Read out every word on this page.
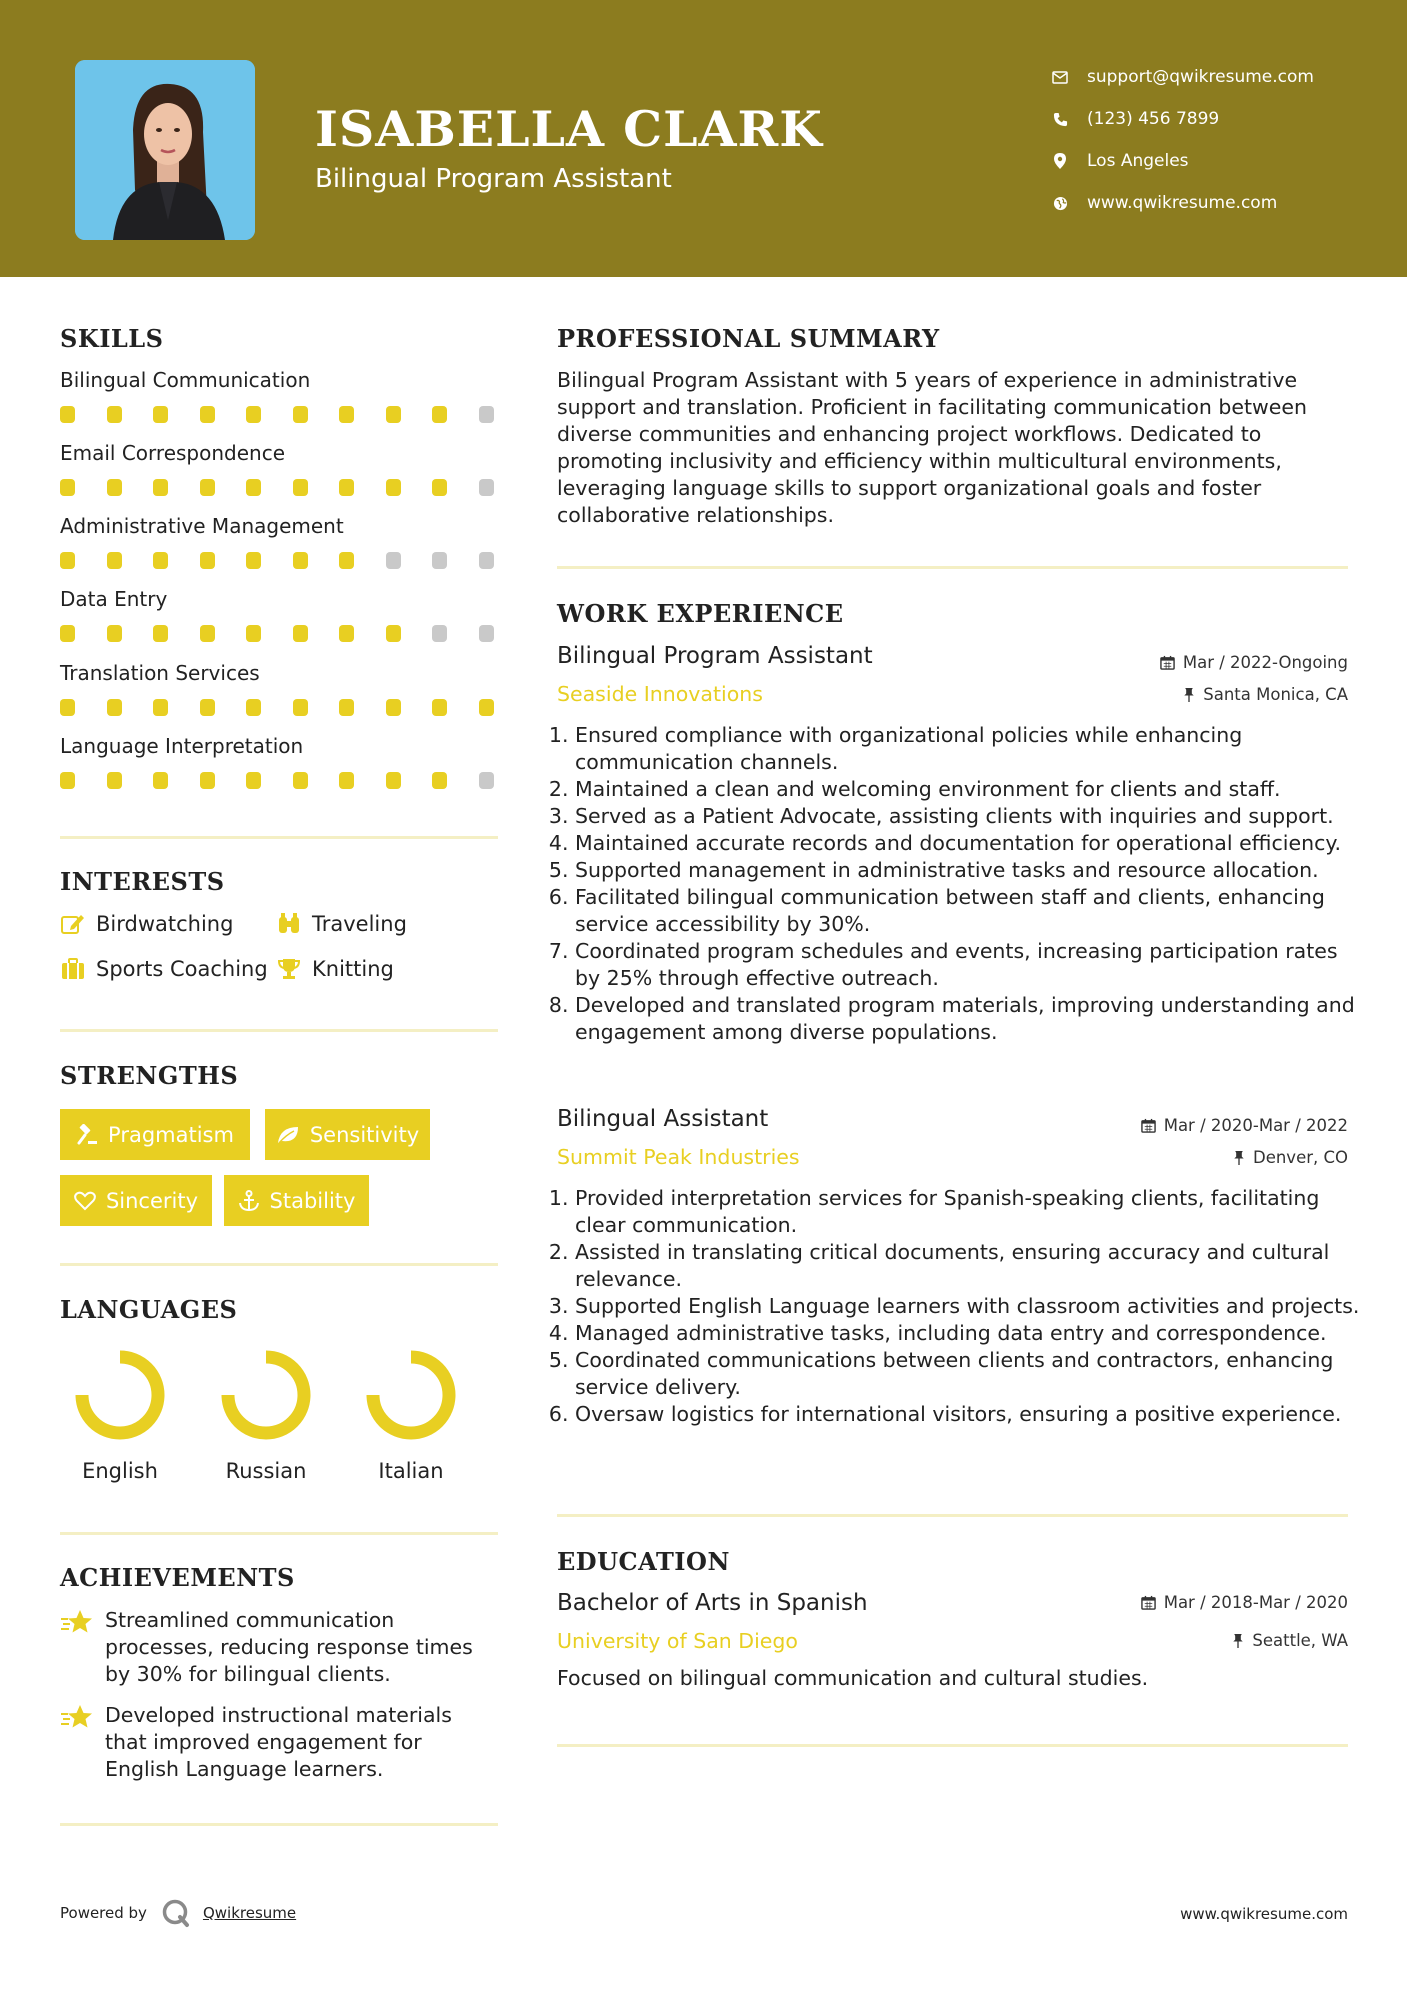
ISABELLA CLARK
Bilingual Program Assistant
support@qwikresume.com
(123) 456 7899
Los Angeles
www.qwikresume.com
SKILLS
Bilingual Communication
Email Correspondence
Administrative Management
Data Entry
Translation Services
Language Interpretation
INTERESTS
Birdwatching	Traveling
Sports Coaching Knitting
STRENGTHS
Pragmatism	Sensitivity
Sincerity	Stability
LANGUAGES
English	Russian	Italian
ACHIEVEMENTS
Streamlined communication processes, reducing response times by 30% for bilingual clients.
Developed instructional materials that improved engagement for English Language learners.
PROFESSIONAL SUMMARY
Bilingual Program Assistant with 5 years of experience in administrative support and translation. Proficient in facilitating communication between diverse communities and enhancing project workflows. Dedicated to promoting inclusivity and efficiency within multicultural environments, leveraging language skills to support organizational goals and foster collaborative relationships.
WORK EXPERIENCE
Bilingual Program Assistant	Mar / 2022-Ongoing
Seaside Innovations	Santa Monica, CA
1. Ensured compliance with organizational policies while enhancing communication channels.
2. Maintained a clean and welcoming environment for clients and staff.
3. Served as a Patient Advocate, assisting clients with inquiries and support.
4. Maintained accurate records and documentation for operational efficiency.
5. Supported management in administrative tasks and resource allocation.
6. Facilitated bilingual communication between staff and clients, enhancing service accessibility by 30%.
7. Coordinated program schedules and events, increasing participation rates by 25% through effective outreach.
8. Developed and translated program materials, improving understanding and engagement among diverse populations.
Bilingual Assistant	Mar / 2020-Mar / 2022
Summit Peak Industries	Denver, CO
1. Provided interpretation services for Spanish-speaking clients, facilitating clear communication.
2. Assisted in translating critical documents, ensuring accuracy and cultural relevance.
3. Supported English Language learners with classroom activities and projects.
4. Managed administrative tasks, including data entry and correspondence.
5. Coordinated communications between clients and contractors, enhancing service delivery.
6. Oversaw logistics for international visitors, ensuring a positive experience.
EDUCATION
Bachelor of Arts in Spanish	Mar / 2018-Mar / 2020
University of San Diego	Seattle, WA
Focused on bilingual communication and cultural studies.
Powered by	Qwikresume	www.qwikresume.com
